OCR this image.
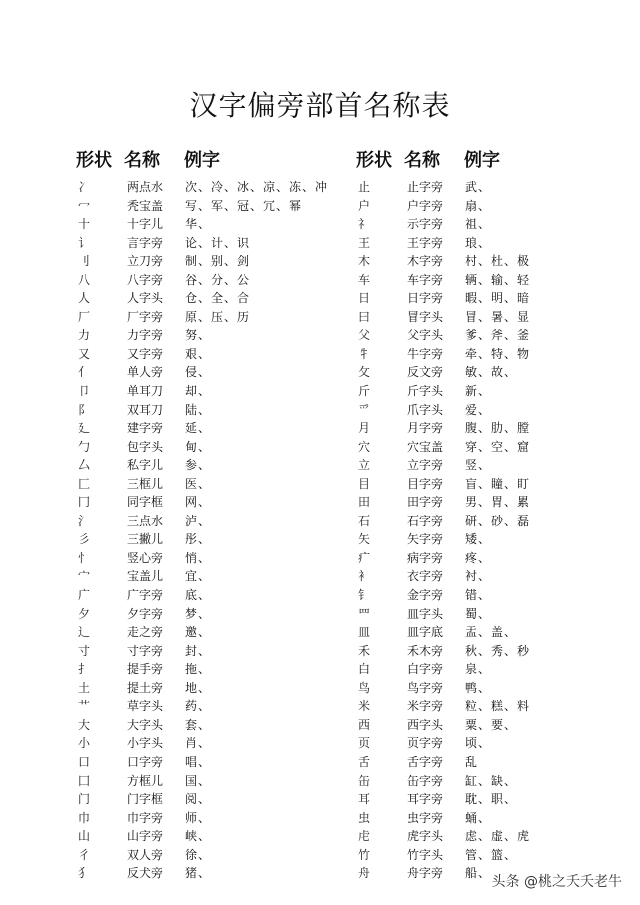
汉字偏旁部首名称表
形状 名称 例字
冫	两点水 次、冷、冰、凉、冻、冲
冖	秃宝盖 写、军、冠、冗、幂
十	十字儿 华、
讠	言字旁 论、计、识
刂	立刀旁 制、别、剑
八	八字旁 谷、分、公
人	人字头 仓、全、合
厂	厂字旁 原、压、历
力	力字旁 努、
又	又字旁 艰、
亻	单人旁 侵、
卩	单耳刀 却、
阝	双耳刀 陆、
廴	建字旁 延、
勹	包字头 甸、
厶	私字儿 参、
匚	三框儿 医、
冂	同字框 网、
氵	三点水 泸、
彡	三撇儿 彤、
忄	竖心旁 悄、
宀	宝盖儿 宜、
广	广字旁 底、
夕	夕字旁 梦、
辶	走之旁 邀、
寸	寸字旁 封、
扌	提手旁 拖、
土	提土旁 地、
艹	草字头 药、
大	大字头 套、
小	小字头 肖、
口	口字旁 唱、
囗	方框儿 国、
门	门字框 阅、
巾	巾字旁 师、
山	山字旁 峡、
彳	双人旁 徐、
犭	反犬旁 猪、
形状 名称 例字
止	止字旁 武、
户	户字旁 扇、
礻	示字旁 祖、
王	王字旁 琅、
木	木字旁 村、杜、极
车	车字旁 辆、输、轻
日	日字旁 暇、明、暗
曰	冒字头 冒、暑、显
父	父字头 爹、斧、釜
牜	牛字旁 牵、特、物
攵	反文旁 敏、故、
斤	斤字头 新、
爫	爪字头 爱、
月	月字旁 腹、肋、膛
穴	穴宝盖 穿、空、窟
立	立字旁 竖、
目	目字旁 盲、瞳、盯
田	田字旁 男、胃、累
石	石字旁 研、砂、磊
矢	矢字旁 矮、
疒	病字旁 疼、
衤	衣字旁 衬、
钅	金字旁 错、
罒	皿字头 蜀、
皿	皿字底 盂、盖、
禾	禾木旁 秋、秀、秒
白	白字旁 泉、
鸟	鸟字旁 鸭、
米	米字旁 粒、糕、料
西	西字头 粟、要、
页	页字旁 顷、
舌	舌字旁 乱
缶	缶字旁 缸、缺、
耳	耳字旁 耽、职、
虫	虫字旁 蛹、
虍	虎字头 虑、虚、虎
竹	竹字头 管、篮、
舟	舟字旁 船、
头条 @桃之夭夭老牛
